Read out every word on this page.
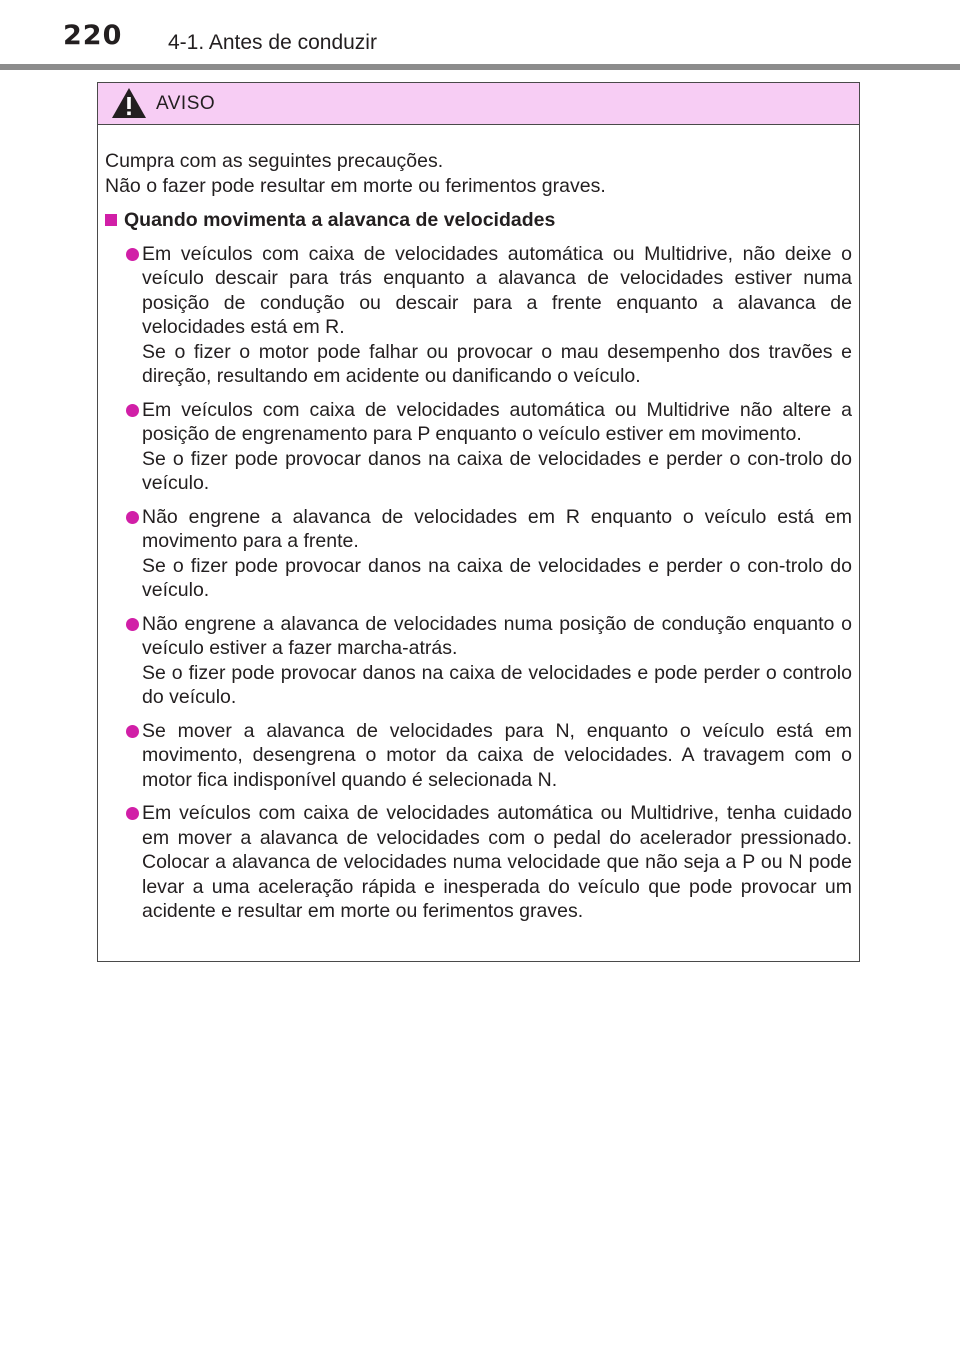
220 4-1. Antes de conduzir
AVISO

Cumpra com as seguintes precauções.

Não o fazer pode resultar em morte ou ferimentos graves.

Quando movimenta a alavanca de velocidades

Em veículos com caixa de velocidades automática ou Multidrive, não deixe o veículo descair para trás enquanto a alavanca de velocidades estiver numa posição de condução ou descair para a frente enquanto a alavanca de velocidades está em R.

Se o fizer o motor pode falhar ou provocar o mau desempenho dos travões e direção, resultando em acidente ou danificando o veículo.

Em veículos com caixa de velocidades automática ou Multidrive não altere a posição de engrenamento para P enquanto o veículo estiver em movimento.

Se o fizer pode provocar danos na caixa de velocidades e perder o con-trolo do veículo.

Não engrene a alavanca de velocidades em R enquanto o veículo está em movimento para a frente.

Se o fizer pode provocar danos na caixa de velocidades e perder o con-trolo do veículo.

Não engrene a alavanca de velocidades numa posição de condução enquanto o veículo estiver a fazer marcha-atrás.

Se o fizer pode provocar danos na caixa de velocidades e pode perder o controlo do veículo.

Se mover a alavanca de velocidades para N, enquanto o veículo está em movimento, desengrena o motor da caixa de velocidades. A travagem com o motor fica indisponível quando é selecionada N.

Em veículos com caixa de velocidades automática ou Multidrive, tenha cuidado em mover a alavanca de velocidades com o pedal do acelerador pressionado. Colocar a alavanca de velocidades numa velocidade que não seja a P ou N pode levar a uma aceleração rápida e inesperada do veículo que pode provocar um acidente e resultar em morte ou ferimentos graves.
